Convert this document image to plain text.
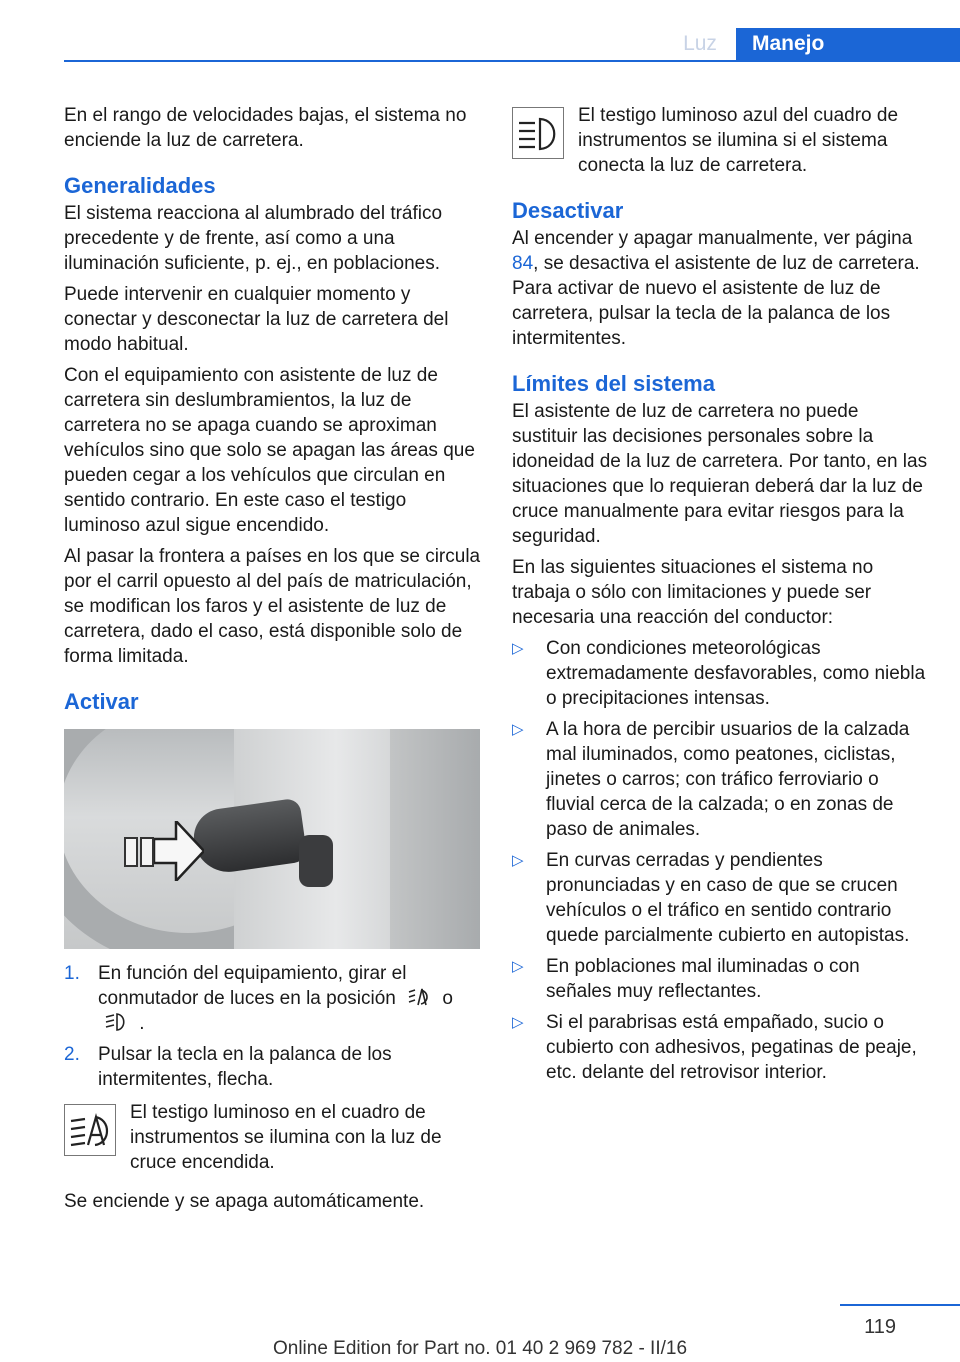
Luz	Manejo

En el rango de velocidades bajas, el sistema no enciende la luz de carretera.

Generalidades

El sistema reacciona al alumbrado del tráfico precedente y de frente, así como a una iluminación suficiente, p. ej., en poblaciones.

Puede intervenir en cualquier momento y conectar y desconectar la luz de carretera del modo habitual.

Con el equipamiento con asistente de luz de carretera sin deslumbramientos, la luz de carretera no se apaga cuando se aproximan vehículos sino que solo se apagan las áreas que pueden cegar a los vehículos que circulan en sentido contrario. En este caso el testigo luminoso azul sigue encendido.

Al pasar la frontera a países en los que se circula por el carril opuesto al del país de matriculación, se modifican los faros y el asistente de luz de carretera, dado el caso, está disponible solo de forma limitada.

Activar
1. En función del equipamiento, girar el conmutador de luces en la posición o  .
2. Pulsar la tecla en la palanca de los intermitentes, flecha.
El testigo luminoso en el cuadro de instrumentos se ilumina con la luz de cruce encendida.

Se enciende y se apaga automáticamente.

El testigo luminoso azul del cuadro de instrumentos se ilumina si el sistema conecta la luz de carretera.
Desactivar

Al encender y apagar manualmente, ver página 84, se desactiva el asistente de luz de carretera. Para activar de nuevo el asistente de luz de carretera, pulsar la tecla de la palanca de los intermitentes.

Límites del sistema

El asistente de luz de carretera no puede sustituir las decisiones personales sobre la idoneidad de la luz de carretera. Por tanto, en las situaciones que lo requieran deberá dar la luz de cruce manualmente para evitar riesgos para la seguridad.

En las siguientes situaciones el sistema no trabaja o sólo con limitaciones y puede ser necesaria una reacción del conductor:

▷ Con condiciones meteorológicas extremadamente desfavorables, como niebla o precipitaciones intensas.
▷ A la hora de percibir usuarios de la calzada mal iluminados, como peatones, ciclistas, jinetes o carros; con tráfico ferroviario o fluvial cerca de la calzada; o en zonas de paso de animales.
▷ En curvas cerradas y pendientes pronunciadas y en caso de que se crucen vehículos o el tráfico en sentido contrario quede parcialmente cubierto en autopistas.
▷ En poblaciones mal iluminadas o con señales muy reflectantes.
▷ Si el parabrisas está empañado, sucio o cubierto con adhesivos, pegatinas de peaje, etc. delante del retrovisor interior.
119
Online Edition for Part no. 01 40 2 969 782 - II/16
